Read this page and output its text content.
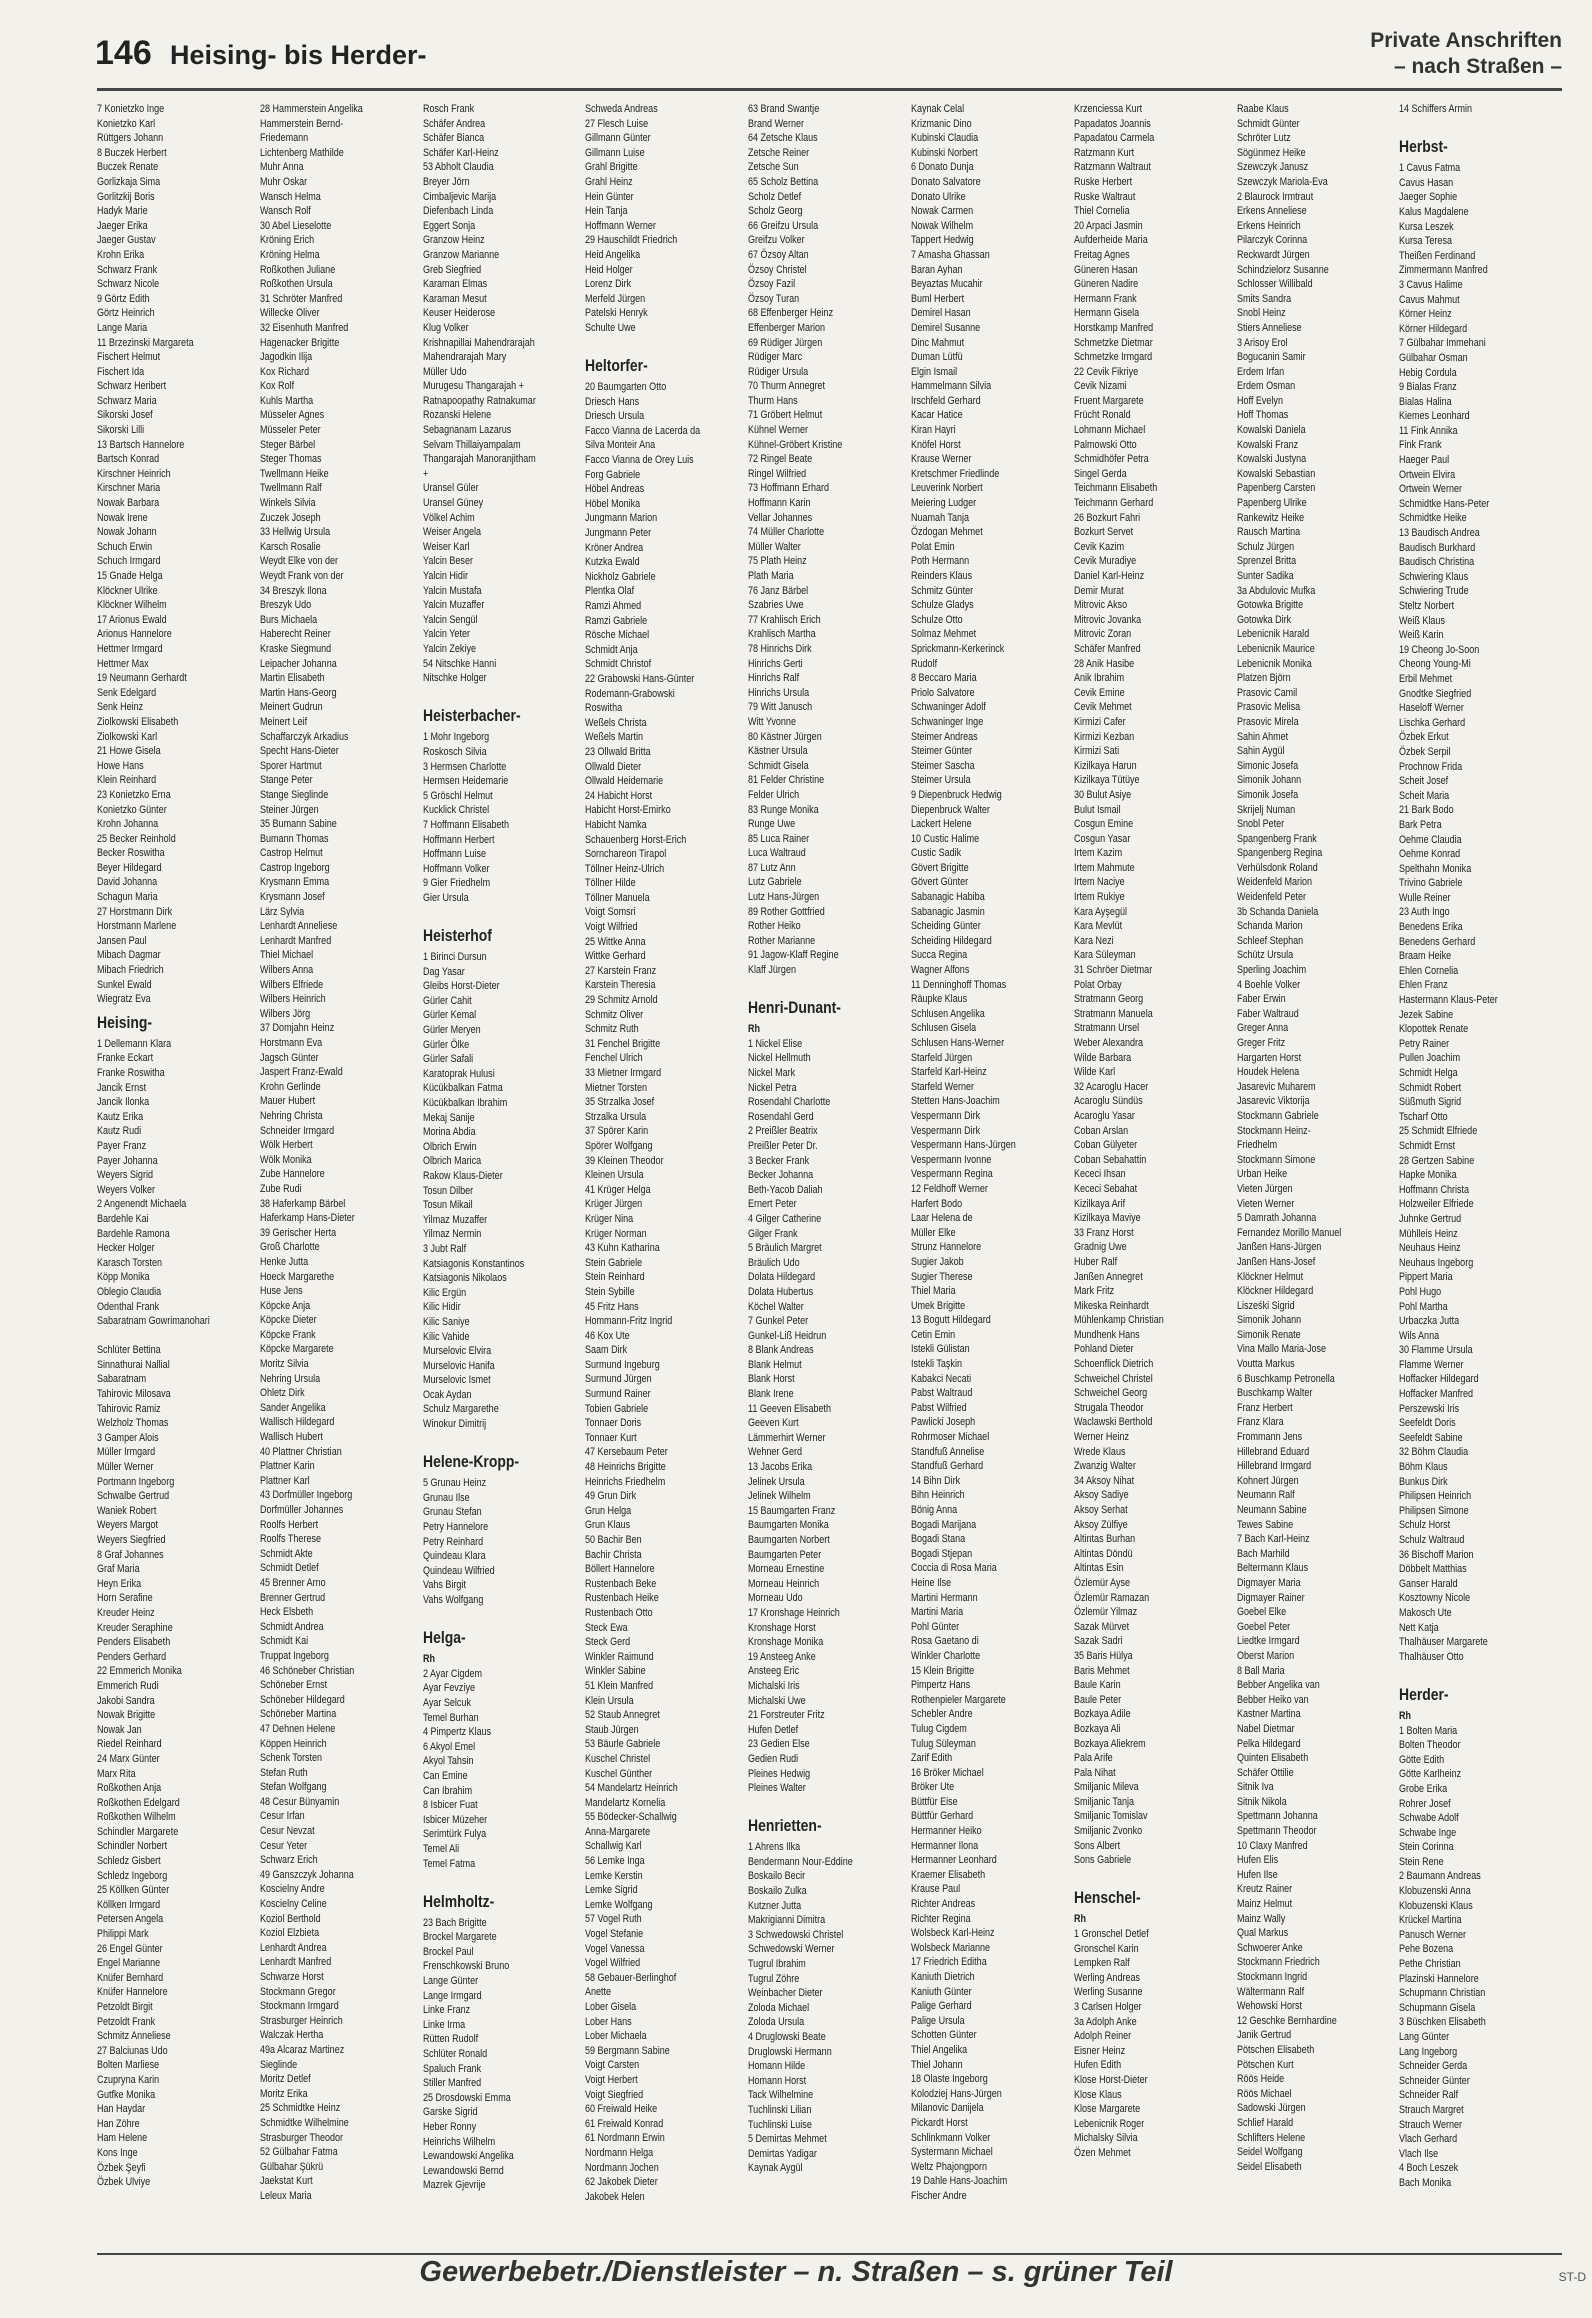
146 Heising- bis Herder-	Private Anschriften
– nach Straßen –
7 Konietzko Inge
Konietzko Karl
Rüttgers Johann
8 Buczek Herbert
Buczek Renate
Gorlizkaja Sima
Gorlitzkij Boris
Hadyk Marie
Jaeger Erika
Jaeger Gustav
Krohn Erika
Schwarz Frank
Schwarz Nicole
9 Görtz Edith
Görtz Heinrich
Lange Maria
11 Brzezinski Margareta
Fischert Helmut
Fischert Ida
Schwarz Heribert
Schwarz Maria
Sikorski Josef
Sikorski Lilli
13 Bartsch Hannelore
Bartsch Konrad
Kirschner Heinrich
Kirschner Maria
Nowak Barbara
Nowak Irene
Nowak Johann
Schuch Erwin
Schuch Irmgard
15 Gnade Helga
Klöckner Ulrike
Klöckner Wilhelm
17 Arionus Ewald
Arionus Hannelore
Hettmer Irmgard
Hettmer Max
19 Neumann Gerhardt
Senk Edelgard
Senk Heinz
Ziolkowski Elisabeth
Ziolkowski Karl
21 Howe Gisela
Howe Hans
Klein Reinhard
23 Konietzko Erna
Konietzko Günter
Krohn Johanna
25 Becker Reinhold
Becker Roswitha
Beyer Hildegard
David Johanna
Schagun Maria
27 Horstmann Dirk
Horstmann Marlene
Jansen Paul
Mibach Dagmar
Mibach Friedrich
Sunkel Ewald
Wiegratz Eva
Heising-
1 Dellemann Klara
Franke Eckart
Franke Roswitha
Jancik Ernst
Jancik Ilonka
Kautz Erika
Kautz Rudi
Payer Franz
Payer Johanna
Weyers Sigrid
Weyers Volker
2 Angenendt Michaela
Bardehle Kai
Bardehle Ramona
Hecker Holger
Karasch Torsten
Köpp Monika
Oblegio Claudia
Odenthal Frank
Sabaratnam Gowrimanohari
Schlüter Bettina
Sinnathurai Nallial
Sabaratnam
Tahirovic Milosava
Tahirovic Ramiz
Welzholz Thomas
3 Gamper Alois
Müller Irmgard
Müller Werner
Portmann Ingeborg
Schwalbe Gertrud
Waniek Robert
Weyers Margot
Weyers Siegfried
8 Graf Johannes
Graf Maria
Heyn Erika
Horn Serafine
Kreuder Heinz
Kreuder Seraphine
Penders Elisabeth
Penders Gerhard
22 Emmerich Monika
Emmerich Rudi
Jakobi Sandra
Nowak Brigitte
Nowak Jan
Riedel Reinhard
24 Marx Günter
Marx Rita
Roßkothen Anja
Roßkothen Edelgard
Roßkothen Wilhelm
Schindler Margarete
Schindler Norbert
Schledz Gisbert
Schledz Ingeborg
25 Köllken Günter
Köllken Irmgard
Petersen Angela
Philippi Mark
26 Engel Günter
Engel Marianne
Knüfer Bernhard
Knüfer Hannelore
Petzoldt Birgit
Petzoldt Frank
Schmitz Anneliese
27 Balciunas Udo
Bolten Marliese
Czupryna Karin
Gutfke Monika
Han Haydar
Han Zöhre
Ham Helene
Kons Inge
Özbek Şeyfi
Özbek Ulviye
28 Hammerstein Angelika
Hammerstein Bernd-
Friedemann
Lichtenberg Mathilde
Muhr Anna
Muhr Oskar
Wansch Helma
Wansch Rolf
30 Abel Lieselotte
Kröning Erich
Kröning Helma
Roßkothen Juliane
Roßkothen Ursula
31 Schröter Manfred
Willecke Oliver
32 Eisenhuth Manfred
Hagenacker Brigitte
Jagodkin Ilija
Kox Richard
Kox Rolf
Kuhls Martha
Müsseler Agnes
Müsseler Peter
Steger Bärbel
Steger Thomas
Twellmann Heike
Twellmann Ralf
Winkels Silvia
Zuczek Joseph
33 Hellwig Ursula
Karsch Rosalie
Weydt Elke von der
Weydt Frank von der
34 Breszyk Ilona
Breszyk Udo
Burs Michaela
Haberecht Reiner
Kraske Siegmund
Leipacher Johanna
Martin Elisabeth
Martin Hans-Georg
Meinert Gudrun
Meinert Leif
Schaffarczyk Arkadius
Specht Hans-Dieter
Sporer Hartmut
Stange Peter
Stange Sieglinde
Steiner Jürgen
35 Bumann Sabine
Bumann Thomas
Castrop Helmut
Castrop Ingeborg
Krysmann Emma
Krysmann Josef
Lärz Sylvia
Lenhardt Anneliese
Lenhardt Manfred
Thiel Michael
Wilbers Anna
Wilbers Elfriede
Wilbers Heinrich
Wilbers Jörg
37 Domjahn Heinz
Horstmann Eva
Jagsch Günter
Jaspert Franz-Ewald
Krohn Gerlinde
Mauer Hubert
Nehring Christa
Schneider Irmgard
Wölk Herbert
Wölk Monika
Zube Hannelore
Zube Rudi
38 Haferkamp Bärbel
Haferkamp Hans-Dieter
39 Gerischer Herta
Groß Charlotte
Henke Jutta
Hoeck Margarethe
Huse Jens
Köpcke Anja
Köpcke Dieter
Köpcke Frank
Köpcke Margarete
Moritz Silvia
Nehring Ursula
Ohletz Dirk
Sander Angelika
Wallisch Hildegard
Wallisch Hubert
40 Plattner Christian
Plattner Karin
Plattner Karl
43 Dorfmüller Ingeborg
Dorfmüller Johannes
Roolfs Herbert
Roolfs Therese
Schmidt Akte
Schmidt Detlef
45 Brenner Arno
Brenner Gertrud
Heck Elsbeth
Schmidt Andrea
Schmidt Kai
Truppat Ingeborg
46 Schöneber Christian
Schöneber Ernst
Schöneber Hildegard
Schöneber Martina
47 Dehnen Helene
Köppen Heinrich
Schenk Torsten
Stefan Ruth
Stefan Wolfgang
48 Cesur Bünyamin
Cesur Irfan
Cesur Nevzat
Cesur Yeter
Schwarz Erich
49 Ganszczyk Johanna
Koscielny Andre
Koscielny Celine
Koziol Berthold
Koziol Elzbieta
Lenhardt Andrea
Lenhardt Manfred
Schwarze Horst
Stockmann Gregor
Stockmann Irmgard
Strasburger Heinrich
Walczak Hertha
49a Alcaraz Martinez
Sieglinde
Moritz Detlef
Moritz Erika
25 Schmidtke Heinz
Schmidtke Wilhelmine
Strasburger Theodor
52 Gülbahar Fatma
Gülbahar Şükrü
Jaekstat Kurt
Leleux Maria
Rosch Frank
Schäfer Andrea
Schäfer Bianca
Schäfer Karl-Heinz
53 Abholt Claudia
Breyer Jörn
Cimbaljevic Marija
Diefenbach Linda
Eggert Sonja
Granzow Heinz
Granzow Marianne
Greb Siegfried
Karaman Elmas
Karaman Mesut
Keuser Heiderose
Klug Volker
Krishnapillai Mahendrarajah
Mahendrarajah Mary
Müller Udo
Murugesu Thangarajah +
Ratnapoopathy Ratnakumar
Rozanski Helene
Sebagnanam Lazarus
Selvam Thillaiyampalam
Thangarajah Manoranjitham
+
Uransel Güler
Uransel Güney
Völkel Achim
Weiser Angela
Weiser Karl
Yalcin Beser
Yalcin Hidir
Yalcin Mustafa
Yalcin Muzaffer
Yalcin Sengül
Yalcin Yeter
Yalcin Zekiye
54 Nitschke Hanni
Nitschke Holger
Heisterbacher-
1 Mohr Ingeborg
Roskosch Silvia
3 Hermsen Charlotte
Hermsen Heidemarie
5 Gröschl Helmut
Kucklick Christel
7 Hoffmann Elisabeth
Hoffmann Herbert
Hoffmann Luise
Hoffmann Volker
9 Gier Friedhelm
Gier Ursula
Heisterhof
1 Birinci Dursun
Dag Yasar
Gleibs Horst-Dieter
Gürler Cahit
Gürler Kemal
Gürler Meryen
Gürler Ölke
Gürler Safali
Karatoprak Hulusi
Kücükbalkan Fatma
Kücükbalkan Ibrahim
Mekaj Sanije
Morina Abdia
Olbrich Erwin
Olbrich Marica
Rakow Klaus-Dieter
Tosun Dilber
Tosun Mikail
Yilmaz Muzaffer
Yilmaz Nermin
3 Jubt Ralf
Katsiagonis Konstantinos
Katsiagonis Nikolaos
Kilic Ergün
Kilic Hidir
Kilic Saniye
Kilic Vahide
Murselovic Elvira
Murselovic Hanifa
Murselovic Ismet
Ocak Aydan
Schulz Margarethe
Winokur Dimitrij
Helene-Kropp-
5 Grunau Heinz
Grunau Ilse
Grunau Stefan
Petry Hannelore
Petry Reinhard
Quindeau Klara
Quindeau Wilfried
Vahs Birgit
Vahs Wolfgang
Helga-
Rh
2 Ayar Cigdem
Ayar Fevziye
Ayar Selcuk
Temel Burhan
4 Pimpertz Klaus
6 Akyol Emel
Akyol Tahsin
Can Emine
Can Ibrahim
8 Isbicer Fuat
Isbicer Müzeher
Serimtürk Fulya
Temel Ali
Temel Fatma
Helmholtz-
23 Bach Brigitte
Brockel Margarete
Brockel Paul
Frenschkowski Bruno
Lange Günter
Lange Irmgard
Linke Franz
Linke Irma
Rütten Rudolf
Schlüter Ronald
Spaluch Frank
Stiller Manfred
25 Drosdowski Emma
Garske Sigrid
Heber Ronny
Heinrichs Wilhelm
Lewandowski Angelika
Lewandowski Bernd
Mazrek Gjevrije
Schweda Andreas
27 Flesch Luise
Gillmann Günter
Gillmann Luise
Grahl Brigitte
Grahl Heinz
Hein Günter
Hein Tanja
Hoffmann Werner
29 Hauschildt Friedrich
Heid Angelika
Heid Holger
Lorenz Dirk
Merfeld Jürgen
Patelski Henryk
Schulte Uwe
Heltorfer-
20 Baumgarten Otto
Driesch Hans
Driesch Ursula
Facco Vianna de Lacerda da
Silva Monteir Ana
Facco Vianna de Orey Luis
Forg Gabriele
Höbel Andreas
Höbel Monika
Jungmann Marion
Jungmann Peter
Kröner Andrea
Kutzka Ewald
Nickholz Gabriele
Plentka Olaf
Ramzi Ahmed
Ramzi Gabriele
Rösche Michael
Schmidt Anja
Schmidt Christof
22 Grabowski Hans-Günter
Rodemann-Grabowski
Roswitha
Weßels Christa
Weßels Martin
23 Ollwald Britta
Ollwald Dieter
Ollwald Heidemarie
24 Habicht Horst
Habicht Horst-Emirko
Habicht Namka
Schauenberg Horst-Erich
Sornchareon Tirapol
Töllner Heinz-Ulrich
Töllner Hilde
Töllner Manuela
Voigt Somsri
Voigt Wilfried
25 Wittke Anna
Wittke Gerhard
27 Karstein Franz
Karstein Theresia
29 Schmitz Arnold
Schmitz Oliver
Schmitz Ruth
31 Fenchel Brigitte
Fenchel Ulrich
33 Mietner Irmgard
Mietner Torsten
35 Strzalka Josef
Strzalka Ursula
37 Spörer Karin
Spörer Wolfgang
39 Kleinen Theodor
Kleinen Ursula
41 Krüger Helga
Krüger Jürgen
Krüger Nina
Krüger Norman
43 Kuhn Katharina
Stein Gabriele
Stein Reinhard
Stein Sybille
45 Fritz Hans
Hommann-Fritz Ingrid
46 Kox Ute
Saam Dirk
Surmund Ingeburg
Surmund Jürgen
Surmund Rainer
Tobien Gabriele
Tonnaer Doris
Tonnaer Kurt
47 Kersebaum Peter
48 Heinrichs Brigitte
Heinrichs Friedhelm
49 Grun Dirk
Grun Helga
Grun Klaus
50 Bachir Ben
Bachir Christa
Böllert Hannelore
Rustenbach Beke
Rustenbach Heike
Rustenbach Otto
Steck Ewa
Steck Gerd
Winkler Raimund
Winkler Sabine
51 Klein Manfred
Klein Ursula
52 Staub Annegret
Staub Jürgen
53 Bäurle Gabriele
Kuschel Christel
Kuschel Günther
54 Mandelartz Heinrich
Mandelartz Kornelia
55 Bödecker-Schallwig
Anna-Margarete
Schallwig Karl
56 Lemke Inga
Lemke Kerstin
Lemke Sigrid
Lemke Wolfgang
57 Vogel Ruth
Vogel Stefanie
Vogel Vanessa
Vogel Wilfried
58 Gebauer-Berlinghof
Anette
Lober Gisela
Lober Hans
Lober Michaela
59 Bergmann Sabine
Voigt Carsten
Voigt Herbert
Voigt Siegfried
60 Freiwald Heike
61 Freiwald Konrad
61 Nordmann Erwin
Nordmann Helga
Nordmann Jochen
62 Jakobek Dieter
Jakobek Helen
63 Brand Swantje
Brand Werner
64 Zetsche Klaus
Zetsche Reiner
Zetsche Sun
65 Scholz Bettina
Scholz Detlef
Scholz Georg
66 Greifzu Ursula
Greifzu Volker
67 Özsoy Altan
Özsoy Christel
Özsoy Fazil
Özsoy Turan
68 Effenberger Heinz
Effenberger Marion
69 Rüdiger Jürgen
Rüdiger Marc
Rüdiger Ursula
70 Thurm Annegret
Thurm Hans
71 Gröbert Helmut
Kühnel Werner
Kühnel-Gröbert Kristine
72 Ringel Beate
Ringel Wilfried
73 Hoffmann Erhard
Hoffmann Karin
Vellar Johannes
74 Müller Charlotte
Müller Walter
75 Plath Heinz
Plath Maria
76 Janz Bärbel
Szabries Uwe
77 Krahlisch Erich
Krahlisch Martha
78 Hinrichs Dirk
Hinrichs Gerti
Hinrichs Ralf
Hinrichs Ursula
79 Witt Janusch
Witt Yvonne
80 Kästner Jürgen
Kästner Ursula
Schmidt Gisela
81 Felder Christine
Felder Ulrich
83 Runge Monika
Runge Uwe
85 Luca Rainer
Luca Waltraud
87 Lutz Ann
Lutz Gabriele
Lutz Hans-Jürgen
89 Rother Gottfried
Rother Heiko
Rother Marianne
91 Jagow-Klaff Regine
Klaff Jürgen
Henri-Dunant-
Rh
1 Nickel Elise
Nickel Hellmuth
Nickel Mark
Nickel Petra
Rosendahl Charlotte
Rosendahl Gerd
2 Preißler Beatrix
Preißler Peter Dr.
3 Becker Frank
Becker Johanna
Beth-Yacob Daliah
Ernert Peter
4 Gilger Catherine
Gilger Frank
5 Bräulich Margret
Bräulich Udo
Dolata Hildegard
Dolata Hubertus
Köchel Walter
7 Gunkel Peter
Gunkel-Liß Heidrun
8 Blank Andreas
Blank Helmut
Blank Horst
Blank Irene
11 Geeven Elisabeth
Geeven Kurt
Lämmerhirt Werner
Wehner Gerd
13 Jacobs Erika
Jelinek Ursula
Jelinek Wilhelm
15 Baumgarten Franz
Baumgarten Monika
Baumgarten Norbert
Baumgarten Peter
Morneau Ernestine
Morneau Heinrich
Morneau Udo
17 Kronshage Heinrich
Kronshage Horst
Kronshage Monika
19 Ansteeg Anke
Ansteeg Eric
Michalski Iris
Michalski Uwe
21 Forstreuter Fritz
Hufen Detlef
23 Gedien Else
Gedien Rudi
Pleines Hedwig
Pleines Walter
Henrietten-
1 Ahrens Ilka
Bendermann Nour-Eddine
Boskailo Becir
Boskailo Zulka
Kutzner Jutta
Makrigianni Dimitra
3 Schwedowski Christel
Schwedowski Werner
Tugrul Ibrahim
Tugrul Zöhre
Weinbacher Dieter
Zoloda Michael
Zoloda Ursula
4 Druglowski Beate
Druglowski Hermann
Homann Hilde
Homann Horst
Tack Wilhelmine
Tuchlinski Lilian
Tuchlinski Luise
5 Demirtas Mehmet
Demirtas Yadigar
Kaynak Aygül
Kaynak Celal
Krizmanic Dino
Kubinski Claudia
Kubinski Norbert
6 Donato Dunja
Donato Salvatore
Donato Ulrike
Nowak Carmen
Nowak Wilhelm
Tappert Hedwig
7 Amasha Ghassan
Baran Ayhan
Beyaztas Mucahir
Buml Herbert
Demirel Hasan
Demirel Susanne
Dinc Mahmut
Duman Lütfü
Elgin Ismail
Hammelmann Silvia
Irschfeld Gerhard
Kacar Hatice
Kiran Hayri
Knöfel Horst
Krause Werner
Kretschmer Friedlinde
Leuverink Norbert
Meiering Ludger
Nuamah Tanja
Özdogan Mehmet
Polat Emin
Poth Hermann
Reinders Klaus
Schmitz Günter
Schulze Gladys
Schulze Otto
Solmaz Mehmet
Sprickmann-Kerkerinck
Rudolf
8 Beccaro Maria
Priolo Salvatore
Schwaninger Adolf
Schwaninger Inge
Steimer Andreas
Steimer Günter
Steimer Sascha
Steimer Ursula
9 Diepenbruck Hedwig
Diepenbruck Walter
Lackert Helene
10 Custic Halime
Custic Sadik
Gövert Brigitte
Gövert Günter
Sabanagic Habiba
Sabanagic Jasmin
Scheiding Günter
Scheiding Hildegard
Succa Regina
Wagner Alfons
11 Denninghoff Thomas
Räupke Klaus
Schlusen Angelika
Schlusen Gisela
Schlusen Hans-Werner
Starfeld Jürgen
Starfeld Karl-Heinz
Starfeld Werner
Stetten Hans-Joachim
Vespermann Dirk
Vespermann Dirk
Vespermann Hans-Jürgen
Vespermann Ivonne
Vespermann Regina
12 Feldhoff Werner
Harfert Bodo
Laar Helena de
Müller Elke
Strunz Hannelore
Sugier Jakob
Sugier Therese
Thiel Maria
Umek Brigitte
13 Bogutt Hildegard
Cetin Emin
Istekli Gülistan
Istekli Taşkin
Kabakci Necati
Pabst Waltraud
Pabst Wilfried
Pawlicki Joseph
Rohrmoser Michael
Standfuß Annelise
Standfuß Gerhard
14 Bihn Dirk
Bihn Heinrich
Bönig Anna
Bogadi Marijana
Bogadi Stana
Bogadi Stjepan
Coccia di Rosa Maria
Heine Ilse
Martini Hermann
Martini Maria
Pohl Günter
Rosa Gaetano di
Winkler Charlotte
15 Klein Brigitte
Pimpertz Hans
Rothenpieler Margarete
Schebler Andre
Tulug Cigdem
Tulug Süleyman
Zarif Edith
16 Bröker Michael
Bröker Ute
Büttfür Eise
Büttfür Gerhard
Hermanner Heiko
Hermanner Ilona
Hermanner Leonhard
Kraemer Elisabeth
Krause Paul
Richter Andreas
Richter Regina
Wolsbeck Karl-Heinz
Wolsbeck Marianne
17 Friedrich Editha
Kaniuth Dietrich
Kaniuth Günter
Palige Gerhard
Palige Ursula
Schotten Günter
Thiel Angelika
Thiel Johann
18 Olaste Ingeborg
Kolodziej Hans-Jürgen
Milanovic Danijela
Pickardt Horst
Schlinkmann Volker
Systermann Michael
Weltz Phajongporn
19 Dahle Hans-Joachim
Fischer Andre
Krzenciessa Kurt
Papadatos Joannis
Papadatou Carmela
Ratzmann Kurt
Ratzmann Waltraut
Ruske Herbert
Ruske Waltraut
Thiel Cornelia
20 Arpaci Jasmin
Aufderheide Maria
Freitag Agnes
Güneren Hasan
Güneren Nadire
Hermann Frank
Hermann Gisela
Horstkamp Manfred
Schmetzke Dietmar
Schmetzke Irmgard
22 Cevik Fikriye
Cevik Nizami
Fruent Margarete
Frücht Ronald
Lohmann Michael
Palmowski Otto
Schmidhöfer Petra
Singel Gerda
Teichmann Elisabeth
Teichmann Gerhard
26 Bozkurt Fahri
Bozkurt Servet
Cevik Kazim
Cevik Muradiye
Daniel Karl-Heinz
Demir Murat
Mitrovic Akso
Mitrovic Jovanka
Mitrovic Zoran
Schäfer Manfred
28 Anik Hasibe
Anik Ibrahim
Cevik Emine
Cevik Mehmet
Kirmizi Cafer
Kirmizi Kezban
Kirmizi Sati
Kizilkaya Harun
Kizilkaya Tütüye
30 Bulut Asiye
Bulut Ismail
Cosgun Emine
Cosgun Yasar
Irtem Kazim
Irtem Mahmute
Irtem Naciye
Irtem Rukiye
Kara Ayşegül
Kara Mevlüt
Kara Nezi
Kara Süleyman
31 Schröer Dietmar
Polat Orbay
Stratmann Georg
Stratmann Manuela
Stratmann Ursel
Weber Alexandra
Wilde Barbara
Wilde Karl
32 Acaroglu Hacer
Acaroglu Sündüs
Acaroglu Yasar
Coban Arslan
Coban Gülyeter
Coban Sebahattin
Kececi Ihsan
Kececi Sebahat
Kizilkaya Arif
Kizilkaya Maviye
33 Franz Horst
Gradnig Uwe
Huber Ralf
Janßen Annegret
Mark Fritz
Mikeska Reinhardt
Mühlenkamp Christian
Mundhenk Hans
Pohland Dieter
Schoenflick Dietrich
Schweichel Christel
Schweichel Georg
Strugala Theodor
Waclawski Berthold
Werner Heinz
Wrede Klaus
Zwanzig Walter
34 Aksoy Nihat
Aksoy Sadiye
Aksoy Serhat
Aksoy Zülfiye
Altintas Burhan
Altintas Döndü
Altintas Esin
Özlemür Ayse
Özlemür Ramazan
Özlemür Yilmaz
Sazak Mürvet
Sazak Sadri
35 Baris Hülya
Baris Mehmet
Baule Karin
Baule Peter
Bozkaya Adile
Bozkaya Ali
Bozkaya Aliekrem
Pala Arife
Pala Nihat
Smiljanic Mileva
Smiljanic Tanja
Smiljanic Tomislav
Smiljanic Zvonko
Sons Albert
Sons Gabriele
Henschel-
Rh
1 Gronschel Detlef
Gronschel Karin
Lempken Ralf
Werling Andreas
Werling Susanne
3 Carlsen Holger
3a Adolph Anke
Adolph Reiner
Eisner Heinz
Hufen Edith
Klose Horst-Dieter
Klose Klaus
Klose Margarete
Lebenicnik Roger
Michalsky Silvia
Özen Mehmet
Raabe Klaus
Schmidt Günter
Schröter Lutz
Sögünmez Heike
Szewczyk Janusz
Szewczyk Mariola-Eva
2 Blaurock Irmtraut
Erkens Anneliese
Erkens Heinrich
Pilarczyk Corinna
Reckwardt Jürgen
Schindzielorz Susanne
Schlosser Willibald
Smits Sandra
Snobl Heinz
Stiers Anneliese
3 Arisoy Erol
Bogucanin Samir
Erdem Irfan
Erdem Osman
Hoff Evelyn
Hoff Thomas
Kowalski Daniela
Kowalski Franz
Kowalski Justyna
Kowalski Sebastian
Papenberg Carsten
Papenberg Ulrike
Rankewitz Heike
Rausch Martina
Schulz Jürgen
Sprenzel Britta
Sunter Sadika
3a Abdulovic Mufka
Gotowka Brigitte
Gotowka Dirk
Lebenicnik Harald
Lebenicnik Maurice
Lebenicnik Monika
Platzen Björn
Prasovic Camil
Prasovic Melisa
Prasovic Mirela
Sahin Ahmet
Sahin Aygül
Simonic Josefa
Simonik Johann
Simonik Josefa
Skrijelj Numan
Snobl Peter
Spangenberg Frank
Spangenberg Regina
Verhülsdonk Roland
Weidenfeld Marion
Weidenfeld Peter
3b Schanda Daniela
Schanda Marion
Schleef Stephan
Schütz Ursula
Sperling Joachim
4 Boehle Volker
Faber Erwin
Faber Waltraud
Greger Anna
Greger Fritz
Hargarten Horst
Houdek Helena
Jasarevic Muharem
Jasarevic Viktorija
Stockmann Gabriele
Stockmann Heinz-
Friedhelm
Stockmann Simone
Urban Heike
Vieten Jürgen
Vieten Werner
5 Damrath Johanna
Fernandez Morillo Manuel
Janßen Hans-Jürgen
Janßen Hans-Josef
Klöckner Helmut
Klöckner Hildegard
Lisześki Sigrid
Simonik Johann
Simonik Renate
Vina Mallo Maria-Jose
Voutta Markus
6 Buschkamp Petronella
Buschkamp Walter
Franz Herbert
Franz Klara
Frommann Jens
Hillebrand Eduard
Hillebrand Irmgard
Kohnert Jürgen
Neumann Ralf
Neumann Sabine
Tewes Sabine
7 Bach Karl-Heinz
Bach Marhild
Beltermann Klaus
Digmayer Maria
Digmayer Rainer
Goebel Elke
Goebel Peter
Liedtke Irmgard
Oberst Marion
8 Ball Maria
Bebber Angelika van
Bebber Heiko van
Kastner Martina
Nabel Dietmar
Pelka Hildegard
Quinten Elisabeth
Schäfer Ottilie
Sitnik Iva
Sitnik Nikola
Spettmann Johanna
Spettmann Theodor
10 Claxy Manfred
Hufen Elis
Hufen Ilse
Kreutz Rainer
Mainz Helmut
Mainz Wally
Qual Markus
Schwoerer Anke
Stockmann Friedrich
Stockmann Ingrid
Wältermann Ralf
Wehowski Horst
12 Geschke Bernhardine
Janik Gertrud
Pötschen Elisabeth
Pötschen Kurt
Röös Heide
Röös Michael
Sadowski Jürgen
Schlief Harald
Schlifters Helene
Seidel Wolfgang
Seidel Elisabeth
14 Schiffers Armin
Herbst-
1 Cavus Fatma
Cavus Hasan
Jaeger Sophie
Kalus Magdalene
Kursa Leszek
Kursa Teresa
Theißen Ferdinand
Zimmermann Manfred
3 Cavus Halime
Cavus Mahmut
Körner Heinz
Körner Hildegard
7 Gülbahar Immehani
Gülbahar Osman
Hebig Cordula
9 Bialas Franz
Bialas Halina
Kiemes Leonhard
11 Fink Annika
Fink Frank
Haeger Paul
Ortwein Elvira
Ortwein Werner
Schmidtke Hans-Peter
Schmidtke Heike
13 Baudisch Andrea
Baudisch Burkhard
Baudisch Christina
Schwiering Klaus
Schwiering Trude
Steltz Norbert
Weiß Klaus
Weiß Karin
19 Cheong Jo-Soon
Cheong Young-Mi
Erbil Mehmet
Gnodtke Siegfried
Haseloff Werner
Lischka Gerhard
Özbek Erkut
Özbek Serpil
Prochnow Frida
Scheit Josef
Scheit Maria
21 Bark Bodo
Bark Petra
Oehme Claudia
Oehme Konrad
Spelthahn Monika
Trivino Gabriele
Wulle Reiner
23 Auth Ingo
Benedens Erika
Benedens Gerhard
Braam Heike
Ehlen Cornelia
Ehlen Franz
Hastermann Klaus-Peter
Jezek Sabine
Klopottek Renate
Petry Rainer
Pullen Joachim
Schmidt Helga
Schmidt Robert
Süßmuth Sigrid
Tscharf Otto
25 Schmidt Elfriede
Schmidt Ernst
28 Gertzen Sabine
Hapke Monika
Hoffmann Christa
Holzweiler Elfriede
Juhnke Gertrud
Mühlleis Heinz
Neuhaus Heinz
Neuhaus Ingeborg
Pippert Maria
Pohl Hugo
Pohl Martha
Urbaczka Jutta
Wils Anna
30 Flamme Ursula
Flamme Werner
Hoffacker Hildegard
Hoffacker Manfred
Perszewski Iris
Seefeldt Doris
Seefeldt Sabine
32 Böhm Claudia
Böhm Klaus
Bunkus Dirk
Philipsen Heinrich
Philipsen Simone
Schulz Horst
Schulz Waltraud
36 Bischoff Marion
Döbbelt Matthias
Ganser Harald
Kosztowny Nicole
Makosch Ute
Nett Katja
Thalhäuser Margarete
Thalhäuser Otto
Herder-
Rh
1 Bolten Maria
Bolten Theodor
Götte Edith
Götte Karlheinz
Grobe Erika
Rohrer Josef
Schwabe Adolf
Schwabe Inge
Stein Corinna
Stein Rene
2 Baumann Andreas
Klobuzenski Anna
Klobuzenski Klaus
Krückel Martina
Panusch Werner
Pehe Bozena
Pethe Christian
Plazinski Hannelore
Schupmann Christian
Schupmann Gisela
3 Büschken Elisabeth
Lang Günter
Lang Ingeborg
Schneider Gerda
Schneider Günter
Schneider Ralf
Strauch Margret
Strauch Werner
Vlach Gerhard
Vlach Ilse
4 Boch Leszek
Bach Monika
Gewerbebetr./Dienstleister – n. Straßen – s. grüner Teil	ST-D
